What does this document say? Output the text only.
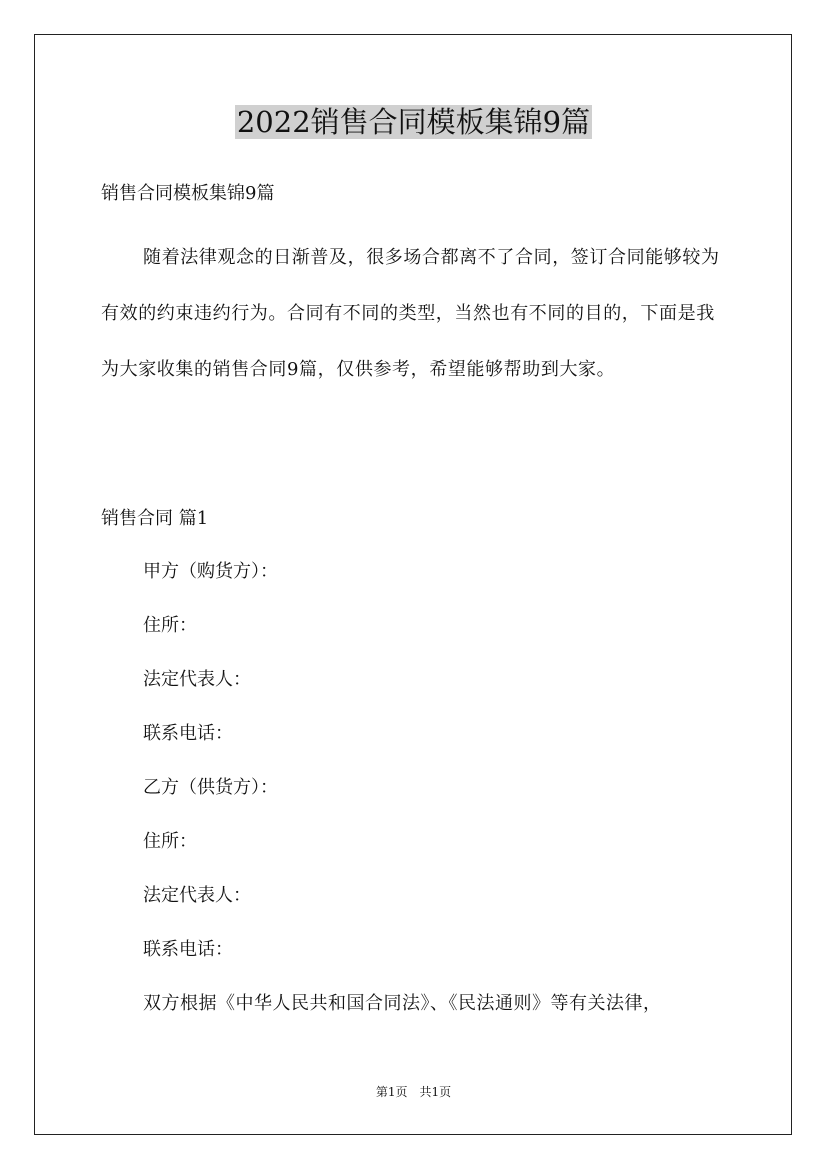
2022销售合同模板集锦9篇

销售合同模板集锦9篇

随着法律观念的日渐普及，很多场合都离不了合同，签订合同能够较为有效的约束违约行为。合同有不同的类型，当然也有不同的目的，下面是我为大家收集的销售合同9篇，仅供参考，希望能够帮助到大家。

销售合同 篇1

甲方（购货方）：
住所：
法定代表人：
联系电话：
乙方（供货方）：
住所：
法定代表人：
联系电话：

双方根据《中华人民共和国合同法》、《民法通则》等有关法律，

第1页　共1页
